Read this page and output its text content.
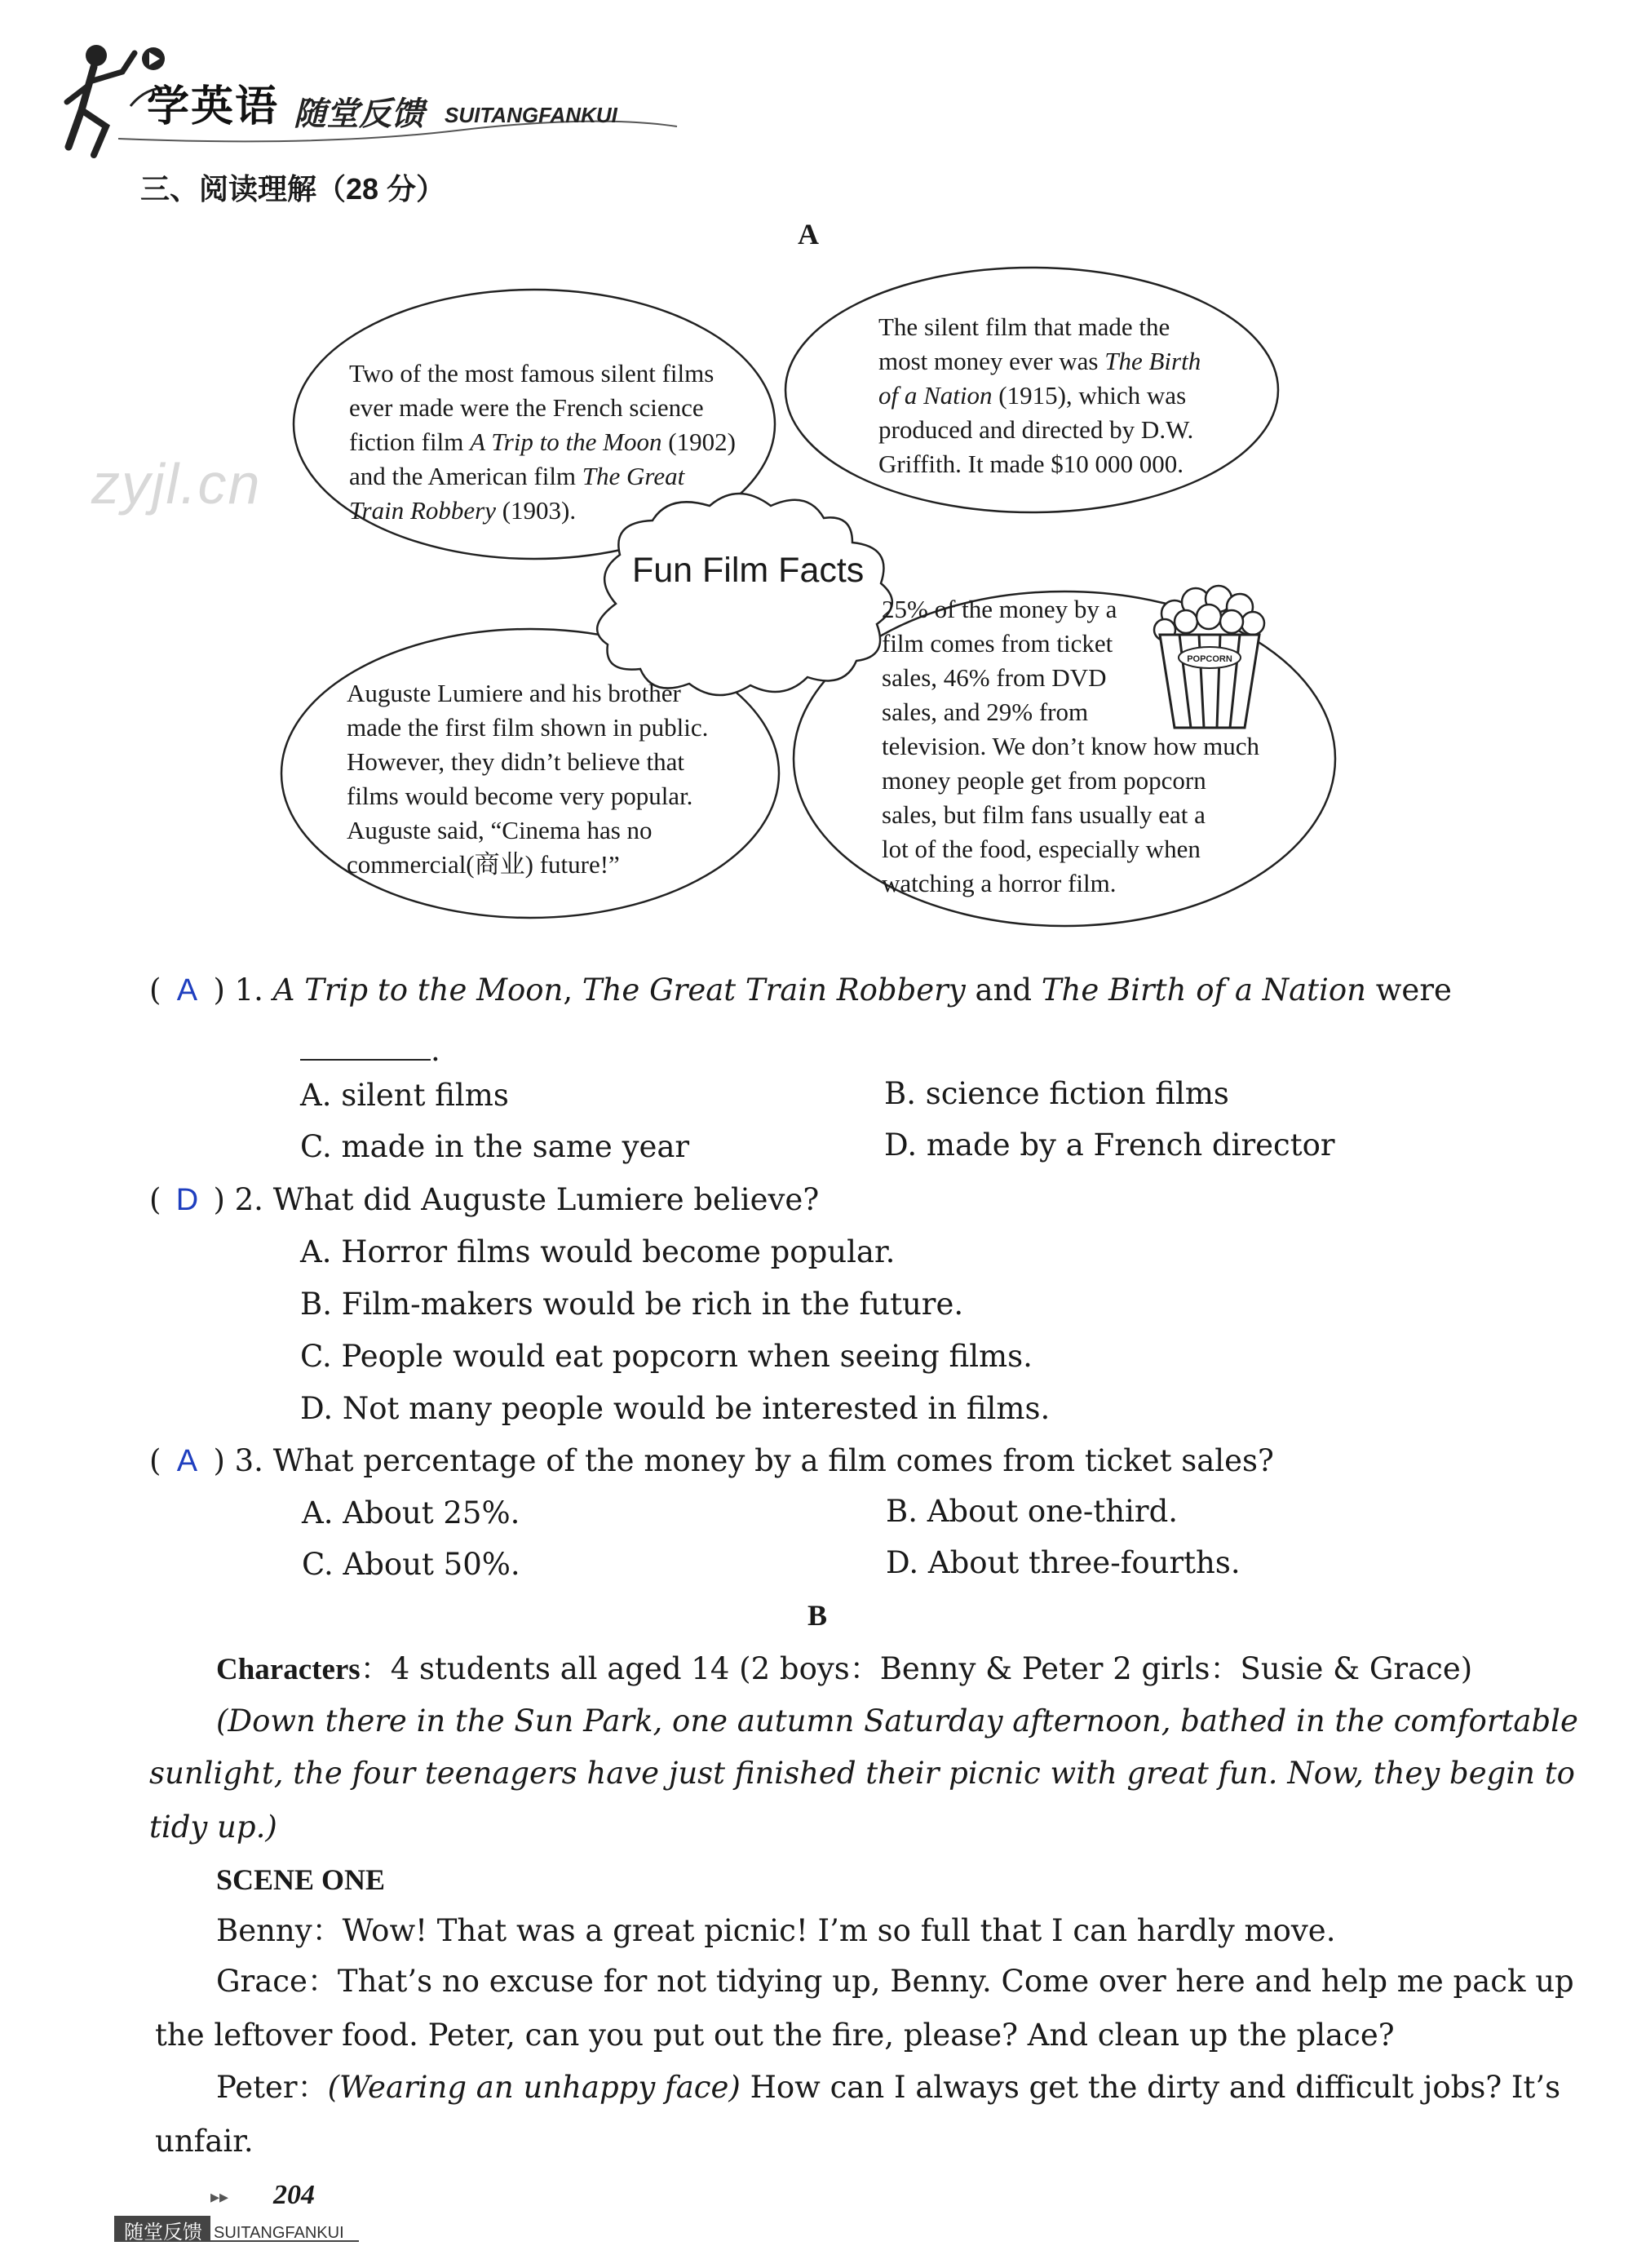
学英语 随堂反馈 SUITANGFANKUI
三、阅读理解（28 分）
A
zyjl.cn
Fun Film Facts
Two of the most famous silent films
ever made were the French science
fiction film A Trip to the Moon (1902)
and the American film The Great
Train Robbery (1903).
The silent film that made the
most money ever was The Birth
of a Nation (1915), which was
produced and directed by D.W.
Griffith. It made $10 000 000.
Auguste Lumiere and his brother
made the first film shown in public.
However, they didn’t believe that
films would become very popular.
Auguste said, “Cinema has no
commercial(商业) future!”
25% of the money by a
film comes from ticket
sales, 46% from DVD
sales, and 29% from
television. We don’t know how much
money people get from popcorn
sales, but film fans usually eat a
lot of the food, especially when
watching a horror film.
POPCORN
( A ) 1. A Trip to the Moon, The Great Train Robbery and The Birth of a Nation were
.
A. silent films	B. science fiction films
C. made in the same year	D. made by a French director
( D ) 2. What did Auguste Lumiere believe?
A. Horror films would become popular.
B. Film-makers would be rich in the future.
C. People would eat popcorn when seeing films.
D. Not many people would be interested in films.
( A ) 3. What percentage of the money by a film comes from ticket sales?
A. About 25%.	B. About one-third.
C. About 50%.	D. About three-fourths.
B
Characters：4 students all aged 14 (2 boys：Benny & Peter 2 girls：Susie & Grace)
(Down there in the Sun Park, one autumn Saturday afternoon, bathed in the comfortable
sunlight, the four teenagers have just finished their picnic with great fun. Now, they begin to
tidy up.)
SCENE ONE
Benny：Wow! That was a great picnic! I’m so full that I can hardly move.
Grace：That’s no excuse for not tidying up, Benny. Come over here and help me pack up
the leftover food. Peter, can you put out the fire, please? And clean up the place?
Peter：(Wearing an unhappy face) How can I always get the dirty and difficult jobs? It’s
unfair.
▸▸ 204
随堂反馈 SUITANGFANKUI
